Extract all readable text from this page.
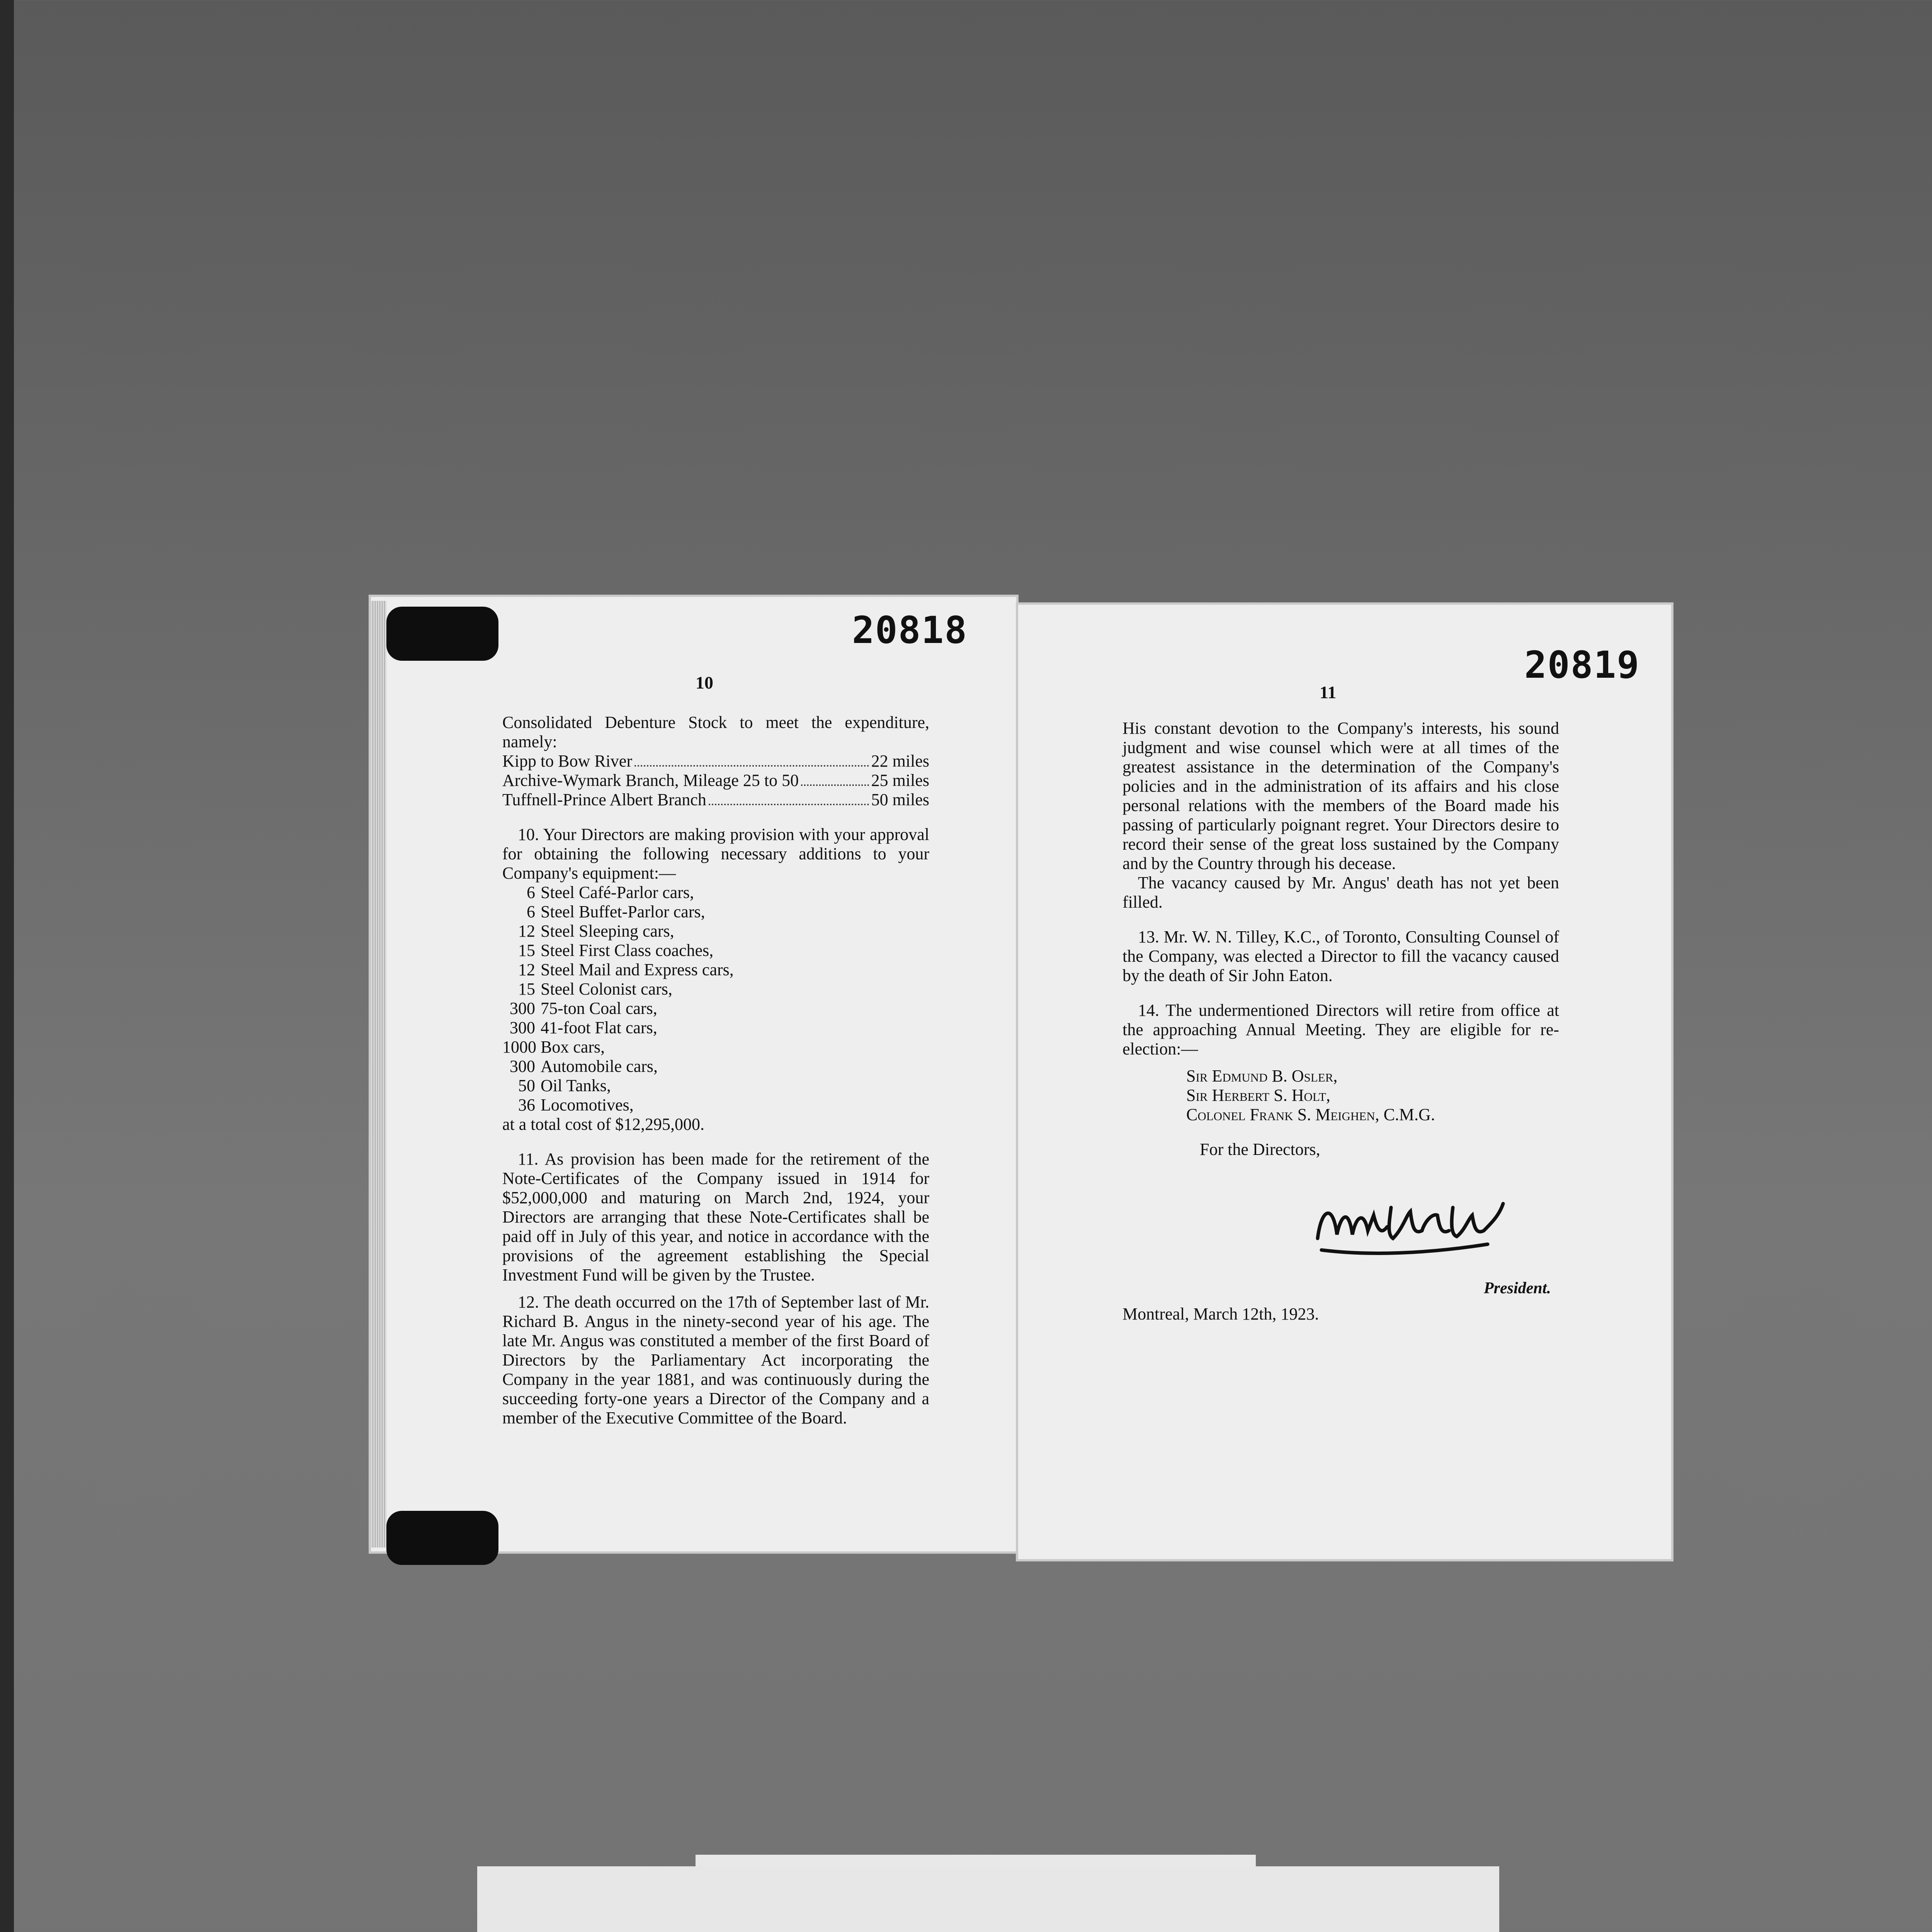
20818
10

Consolidated Debenture Stock to meet the expenditure, namely:

Kipp to Bow River	22 miles
Archive-Wymark Branch, Mileage 25 to 50	25 miles
Tuffnell-Prince Albert Branch	50 miles

10. Your Directors are making provision with your approval for obtaining the following necessary additions to your Company's equipment:—

6 Steel Café-Parlor cars,
6 Steel Buffet-Parlor cars,
12 Steel Sleeping cars,
15 Steel First Class coaches,
12 Steel Mail and Express cars,
15 Steel Colonist cars,
300 75-ton Coal cars,
300 41-foot Flat cars,
1000 Box cars,
300 Automobile cars,
50 Oil Tanks,
36 Locomotives,
at a total cost of $12,295,000.

11. As provision has been made for the retirement of the Note-Certificates of the Company issued in 1914 for $52,000,000 and maturing on March 2nd, 1924, your Directors are arranging that these Note-Certificates shall be paid off in July of this year, and notice in accordance with the provisions of the agreement establishing the Special Investment Fund will be given by the Trustee.

12. The death occurred on the 17th of September last of Mr. Richard B. Angus in the ninety-second year of his age. The late Mr. Angus was constituted a member of the first Board of Directors by the Parliamentary Act incorporating the Company in the year 1881, and was continuously during the succeeding forty-one years a Director of the Company and a member of the Executive Committee of the Board.

20819
11

His constant devotion to the Company's interests, his sound judgment and wise counsel which were at all times of the greatest assistance in the determination of the Company's policies and in the administration of its affairs and his close personal relations with the members of the Board made his passing of particularly poignant regret. Your Directors desire to record their sense of the great loss sustained by the Company and by the Country through his decease.

The vacancy caused by Mr. Angus' death has not yet been filled.

13. Mr. W. N. Tilley, K.C., of Toronto, Consulting Counsel of the Company, was elected a Director to fill the vacancy caused by the death of Sir John Eaton.

14. The undermentioned Directors will retire from office at the approaching Annual Meeting. They are eligible for re-election:—

Sir Edmund B. Osler,
Sir Herbert S. Holt,
Colonel Frank S. Meighen, C.M.G.
For the Directors,
President.
Montreal, March 12th, 1923.
